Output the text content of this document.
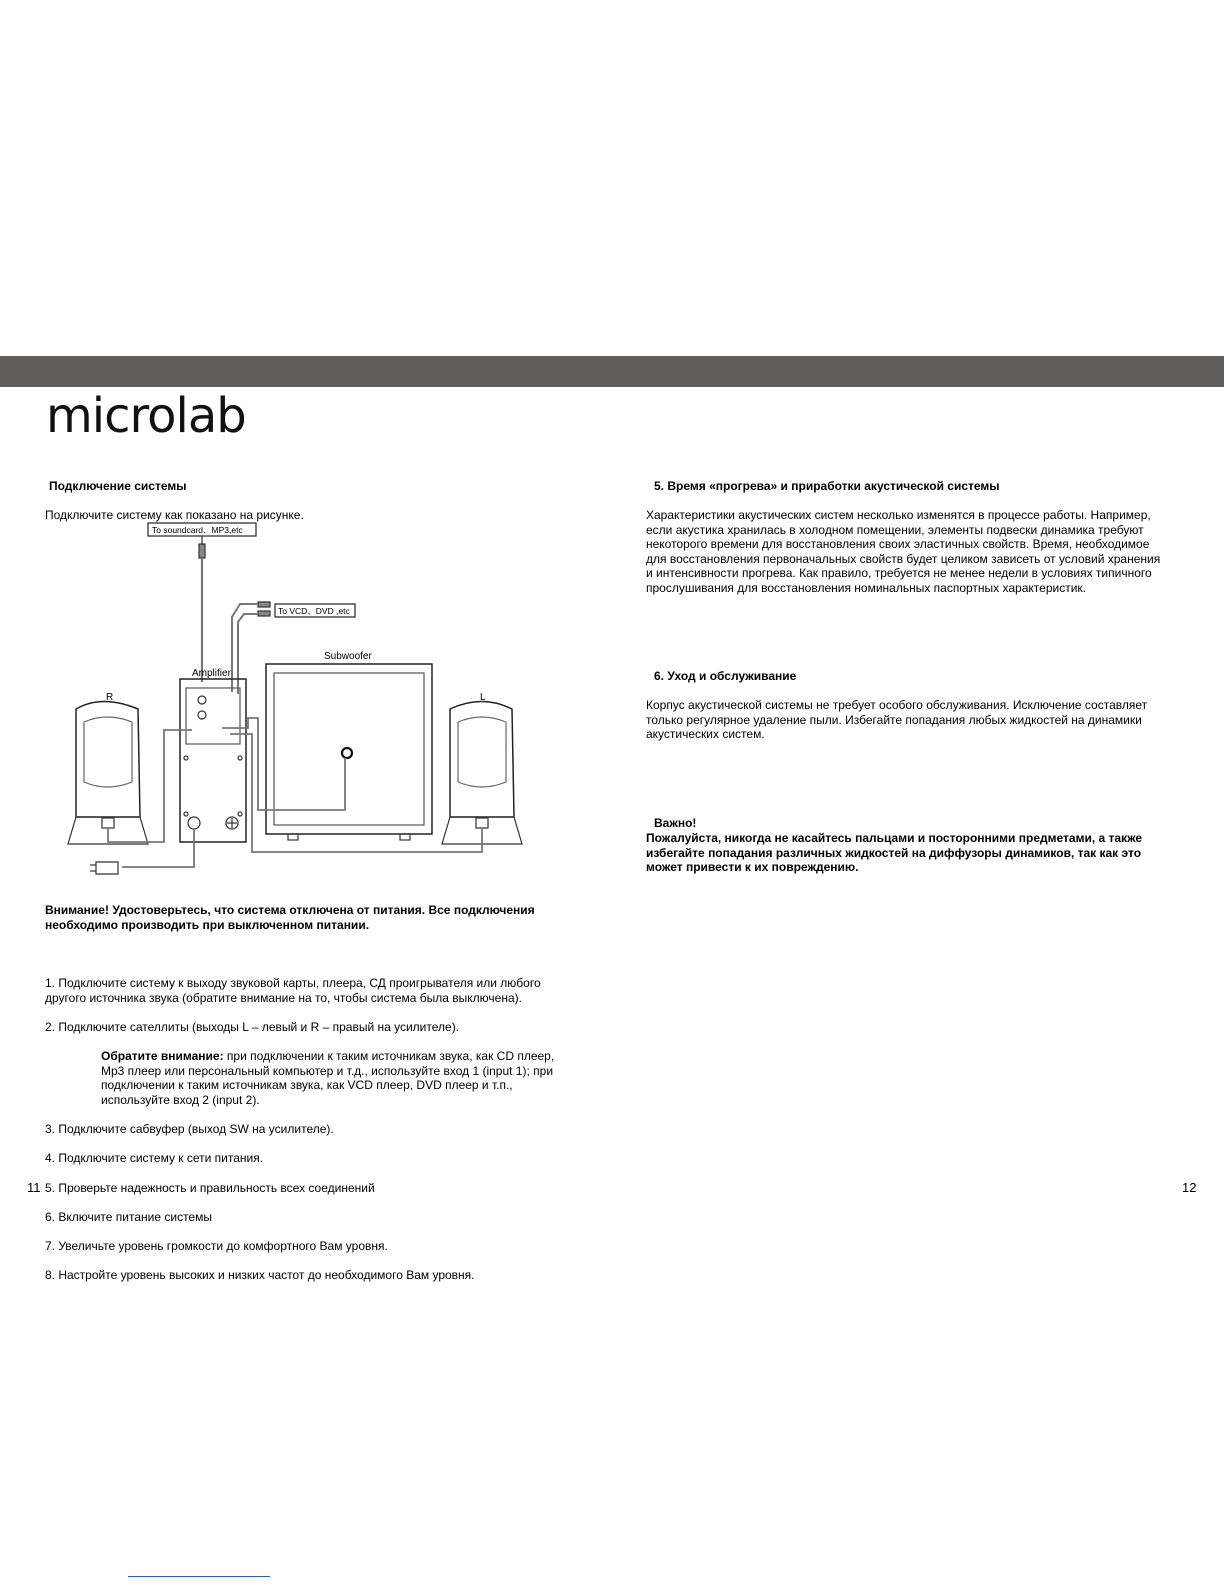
microlab

Подключение системы

Подключите систему как показано на рисунке.

To soundcard、MP3,etc
To VCD、DVD ,etc
Amplifier
Subwoofer
R	L

Внимание! Удостоверьтесь, что система отключена от питания. Все подключения необходимо производить при выключенном питании.

1. Подключите систему к выходу звуковой карты, плеера, СД проигрывателя или любого другого источника звука (обратите внимание на то, чтобы система была выключена).

2. Подключите сателлиты (выходы L – левый и R – правый на усилителе).

Обратите внимание: при подключении к таким источникам звука, как CD плеер, Mp3 плеер или персональный компьютер и т.д., используйте вход 1 (input 1); при подключении к таким источникам звука, как VCD плеер, DVD плеер и т.п., используйте вход 2 (input 2).

3. Подключите сабвуфер (выход SW на усилителе).

4. Подключите систему к сети питания.

5. Проверьте надежность и правильность всех соединений

6. Включите питание системы

7. Увеличьте уровень громкости до комфортного Вам уровня.

8. Настройте уровень высоких и низких частот до необходимого Вам уровня.

11

5. Время «прогрева» и приработки акустической системы

Характеристики акустических систем несколько изменятся в процессе работы. Например, если акустика хранилась в холодном помещении, элементы подвески динамика требуют некоторого времени для восстановления своих эластичных свойств. Время, необходимое для восстановления первоначальных свойств будет целиком зависеть от условий хранения и интенсивности прогрева. Как правило, требуется не менее недели в условиях типичного прослушивания для восстановления номинальных паспортных характеристик.

6. Уход и обслуживание

Корпус акустической системы не требует особого обслуживания. Исключение составляет только регулярное удаление пыли. Избегайте попадания любых жидкостей на динамики акустических систем.

Важно!

Пожалуйста, никогда не касайтесь пальцами и посторонними предметами, а также избегайте попадания различных жидкостей на диффузоры динамиков, так как это может привести к их повреждению.

12
